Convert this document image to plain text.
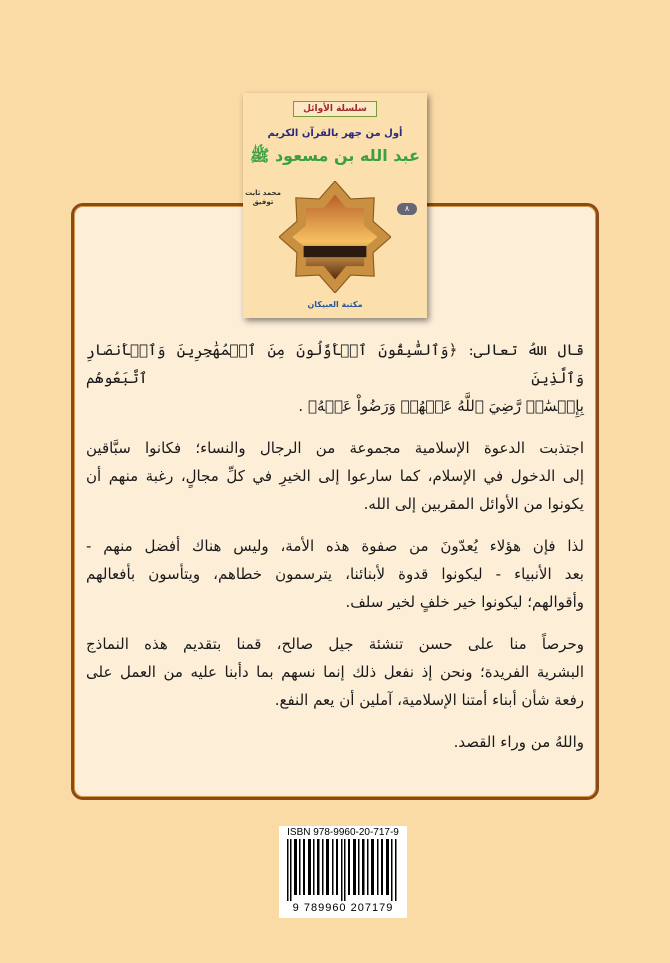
سلسلة الأوائل
أول من جهر بالقرآن الكريم
عبد الله بن مسعود ﷺ
٨
محمد ثابت توفيق
مكتبة العبيكان
قال اللهُ تعالى: ﴿وَٱلسَّٰبِقُونَ ٱلۡأَوَّلُونَ مِنَ ٱلۡمُهَٰجِرِينَ وَٱلۡأَنصَارِ وَٱلَّذِينَ ٱتَّبَعُوهُم
بِإِحۡسَٰنٖ رَّضِيَ ٱللَّهُ عَنۡهُمۡ وَرَضُواْ عَنۡهُ﴾ .
اجتذبت الدعوة الإسلامية مجموعة من الرجال والنساء؛ فكانوا سبَّاقين
إلى الدخول في الإسلام، كما سارعوا إلى الخيرِ في كلِّ مجالٍ، رغبة منهم أن
يكونوا من الأوائل المقربين إلى الله.
لذا فإن هؤلاء يُعدّونَ من صفوة هذه الأمة، وليس هناك أفضل منهم -
بعد الأنبياء - ليكونوا قدوة لأبنائنا، يترسمون خطاهم، ويتأسون بأفعالهم
وأقوالهم؛ ليكونوا خير خلفٍ لخير سلف.
وحرصاً منا على حسن تنشئة جيل صالح، قمنا بتقديم هذه النماذج
البشرية الفريدة؛ ونحن إذ نفعل ذلك إنما نسهم بما دأبنا عليه من العمل على
رفعة شأن أبناء أمتنا الإسلامية، آملين أن يعم النفع.
واللهُ من وراء القصد.
ISBN 978-9960-20-717-9
9 789960 207179
